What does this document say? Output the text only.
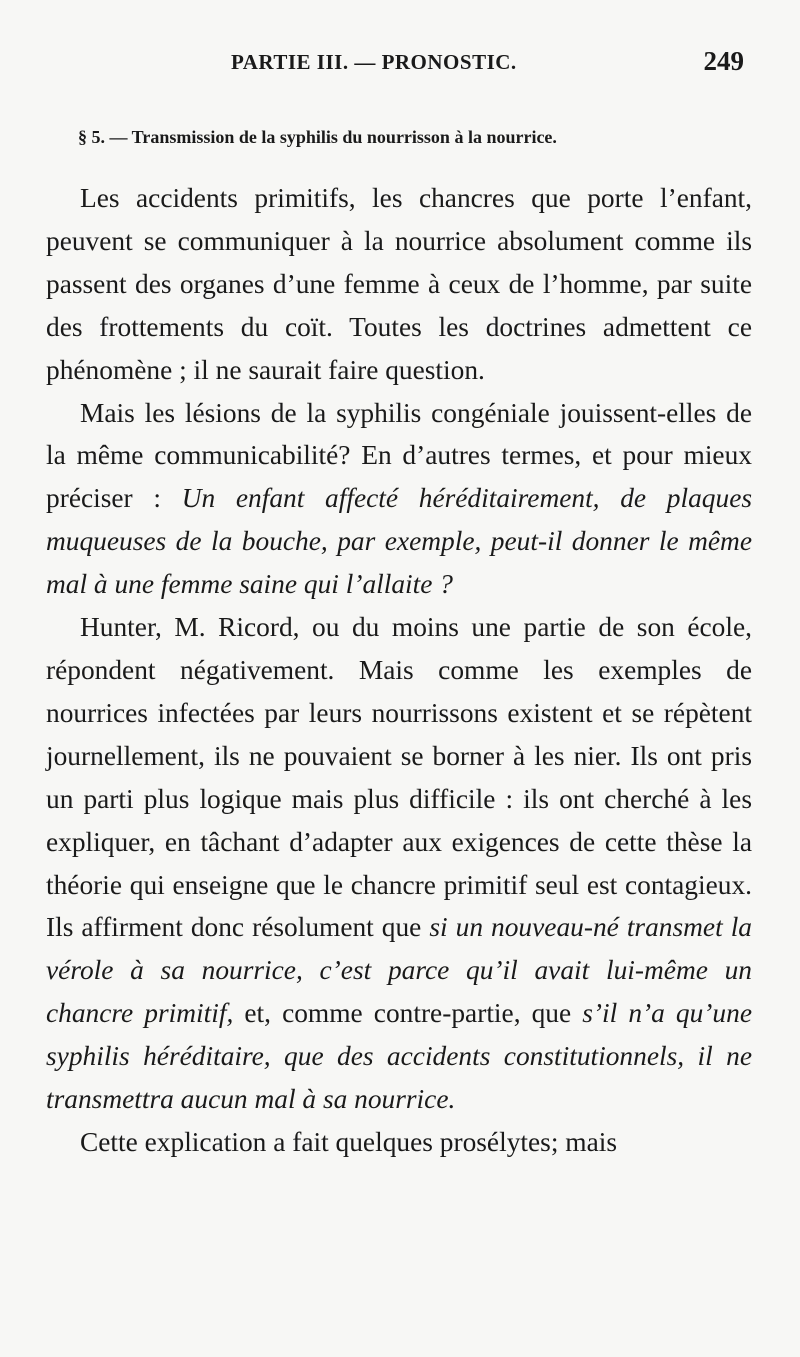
PARTIE III. — PRONOSTIC.	249
§ 5. — Transmission de la syphilis du nourrisson à la nourrice.

Les accidents primitifs, les chancres que porte l’enfant, peuvent se communiquer à la nourrice absolument comme ils passent des organes d’une femme à ceux de l’homme, par suite des frottements du coït. Toutes les doctrines admettent ce phénomène ; il ne saurait faire question.

Mais les lésions de la syphilis congéniale jouissent-elles de la même communicabilité? En d’autres termes, et pour mieux préciser : Un enfant affecté héréditairement, de plaques muqueuses de la bouche, par exemple, peut-il donner le même mal à une femme saine qui l’allaite ?

Hunter, M. Ricord, ou du moins une partie de son école, répondent négativement. Mais comme les exemples de nourrices infectées par leurs nourrissons existent et se répètent journellement, ils ne pouvaient se borner à les nier. Ils ont pris un parti plus logique mais plus difficile : ils ont cherché à les expliquer, en tâchant d’adapter aux exigences de cette thèse la théorie qui enseigne que le chancre primitif seul est contagieux. Ils affirment donc résolument que si un nouveau-né transmet la vérole à sa nourrice, c’est parce qu’il avait lui-même un chancre primitif, et, comme contre-partie, que s’il n’a qu’une syphilis héréditaire, que des accidents constitutionnels, il ne transmettra aucun mal à sa nourrice.

Cette explication a fait quelques prosélytes; mais
